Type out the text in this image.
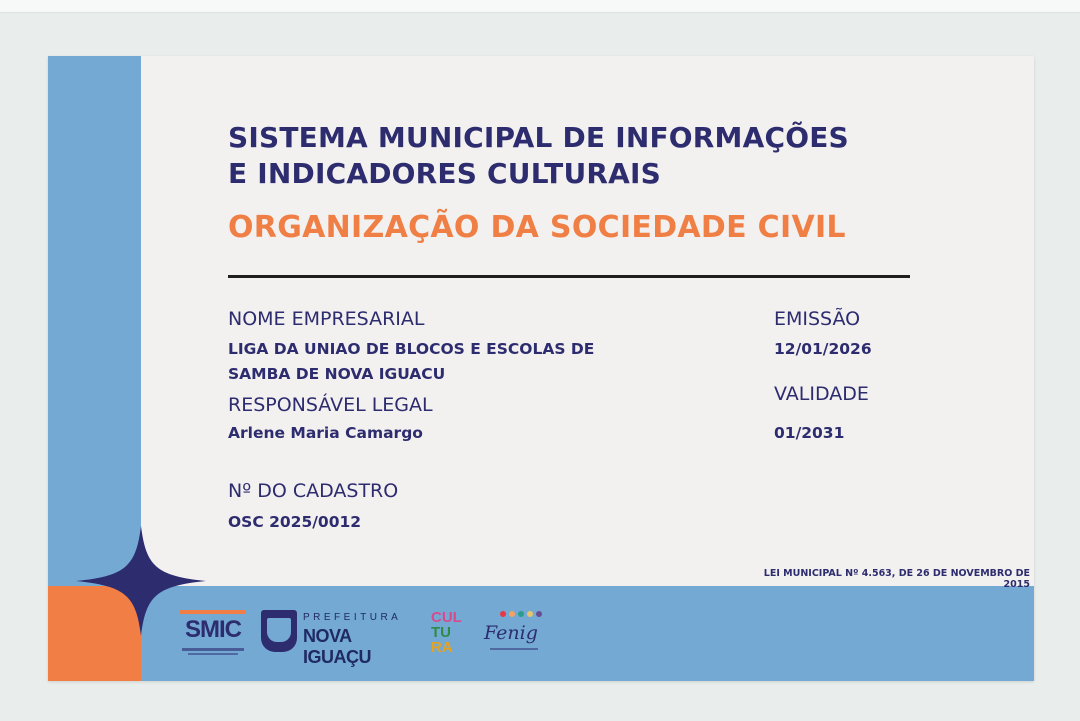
SISTEMA MUNICIPAL DE INFORMAÇÕES
E INDICADORES CULTURAIS
ORGANIZAÇÃO DA SOCIEDADE CIVIL

NOME EMPRESARIAL

LIGA DA UNIAO DE BLOCOS E ESCOLAS DE
SAMBA DE NOVA IGUACU

RESPONSÁVEL LEGAL

Arlene Maria Camargo

Nº DO CADASTRO

OSC 2025/0012

EMISSÃO

12/01/2026

VALIDADE

01/2031

LEI MUNICIPAL Nº 4.563, DE 26 DE NOVEMBRO DE 2015
SMIC	PREFEITURA
NOVA IGUAÇU
CUL
TU
RA
Fenig
